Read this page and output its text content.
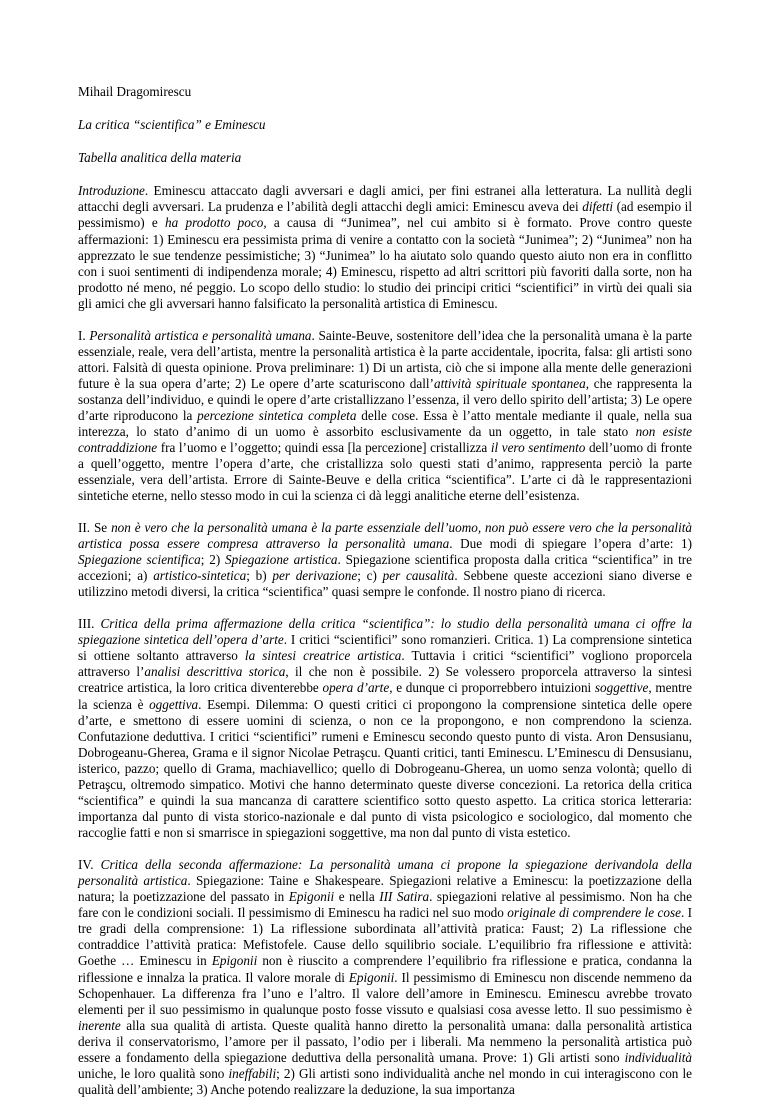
Mihail Dragomirescu

La critica “scientifica” e Eminescu

Tabella analitica della materia

Introduzione. Eminescu attaccato dagli avversari e dagli amici, per fini estranei alla letteratura. La nullità degli attacchi degli avversari. La prudenza e l’abilità degli attacchi degli amici: Eminescu aveva dei difetti (ad esempio il pessimismo) e ha prodotto poco, a causa di “Junimea”, nel cui ambito si è formato. Prove contro queste affermazioni: 1) Eminescu era pessimista prima di venire a contatto con la società “Junimea”; 2) “Junimea” non ha apprezzato le sue tendenze pessimistiche; 3) “Junimea” lo ha aiutato solo quando questo aiuto non era in conflitto con i suoi sentimenti di indipendenza morale; 4) Eminescu, rispetto ad altri scrittori più favoriti dalla sorte, non ha prodotto né meno, né peggio. Lo scopo dello studio: lo studio dei principi critici “scientifici” in virtù dei quali sia gli amici che gli avversari hanno falsificato la personalità artistica di Eminescu.

I. Personalità artistica e personalità umana. Sainte-Beuve, sostenitore dell’idea che la personalità umana è la parte essenziale, reale, vera dell’artista, mentre la personalità artistica è la parte accidentale, ipocrita, falsa: gli artisti sono attori. Falsità di questa opinione. Prova preliminare: 1) Di un artista, ciò che si impone alla mente delle generazioni future è la sua opera d’arte; 2) Le opere d’arte scaturiscono dall’attività spirituale spontanea, che rappresenta la sostanza dell’individuo, e quindi le opere d’arte cristallizzano l’essenza, il vero dello spirito dell’artista; 3) Le opere d’arte riproducono la percezione sintetica completa delle cose. Essa è l’atto mentale mediante il quale, nella sua interezza, lo stato d’animo di un uomo è assorbito esclusivamente da un oggetto, in tale stato non esiste contraddizione fra l’uomo e l’oggetto; quindi essa [la percezione] cristallizza il vero sentimento dell’uomo di fronte a quell’oggetto, mentre l’opera d’arte, che cristallizza solo questi stati d’animo, rappresenta perciò la parte essenziale, vera dell’artista. Errore di Sainte-Beuve e della critica “scientifica”. L’arte ci dà le rappresentazioni sintetiche eterne, nello stesso modo in cui la scienza ci dà leggi analitiche eterne dell’esistenza.

II. Se non è vero che la personalità umana è la parte essenziale dell’uomo, non può essere vero che la personalità artistica possa essere compresa attraverso la personalità umana. Due modi di spiegare l’opera d’arte: 1) Spiegazione scientifica; 2) Spiegazione artistica. Spiegazione scientifica proposta dalla critica “scientifica” in tre accezioni; a) artistico-sintetica; b) per derivazione; c) per causalità. Sebbene queste accezioni siano diverse e utilizzino metodi diversi, la critica “scientifica” quasi sempre le confonde. Il nostro piano di ricerca.

III. Critica della prima affermazione della critica “scientifica”: lo studio della personalità umana ci offre la spiegazione sintetica dell’opera d’arte. I critici “scientifici” sono romanzieri. Critica. 1) La comprensione sintetica si ottiene soltanto attraverso la sintesi creatrice artistica. Tuttavia i critici “scientifici” vogliono proporcela attraverso l’analisi descrittiva storica, il che non è possibile. 2) Se volessero proporcela attraverso la sintesi creatrice artistica, la loro critica diventerebbe opera d’arte, e dunque ci proporrebbero intuizioni soggettive, mentre la scienza è oggettiva. Esempi. Dilemma: O questi critici ci propongono la comprensione sintetica delle opere d’arte, e smettono di essere uomini di scienza, o non ce la propongono, e non comprendono la scienza. Confutazione deduttiva. I critici “scientifici” rumeni e Eminescu secondo questo punto di vista. Aron Densusianu, Dobrogeanu-Gherea, Grama e il signor Nicolae Petraşcu. Quanti critici, tanti Eminescu. L’Eminescu di Densusianu, isterico, pazzo; quello di Grama, machiavellico; quello di Dobrogeanu-Gherea, un uomo senza volontà; quello di Petraşcu, oltremodo simpatico. Motivi che hanno determinato queste diverse concezioni. La retorica della critica “scientifica” e quindi la sua mancanza di carattere scientifico sotto questo aspetto. La critica storica letteraria: importanza dal punto di vista storico-nazionale e dal punto di vista psicologico e sociologico, dal momento che raccoglie fatti e non si smarrisce in spiegazioni soggettive, ma non dal punto di vista estetico.

IV. Critica della seconda affermazione: La personalità umana ci propone la spiegazione derivandola della personalità artistica. Spiegazione: Taine e Shakespeare. Spiegazioni relative a Eminescu: la poetizzazione della natura; la poetizzazione del passato in Epigonii e nella III Satira. spiegazioni relative al pessimismo. Non ha che fare con le condizioni sociali. Il pessimismo di Eminescu ha radici nel suo modo originale di comprendere le cose. I tre gradi della comprensione: 1) La riflessione subordinata all’attività pratica: Faust; 2) La riflessione che contraddice l’attività pratica: Mefistofele. Cause dello squilibrio sociale. L’equilibrio fra riflessione e attività: Goethe … Eminescu in Epigonii non è riuscito a comprendere l’equilibrio fra riflessione e pratica, condanna la riflessione e innalza la pratica. Il valore morale di Epigonii. Il pessimismo di Eminescu non discende nemmeno da Schopenhauer. La differenza fra l’uno e l’altro. Il valore dell’amore in Eminescu. Eminescu avrebbe trovato elementi per il suo pessimismo in qualunque posto fosse vissuto e qualsiasi cosa avesse letto. Il suo pessimismo è inerente alla sua qualità di artista. Queste qualità hanno diretto la personalità umana: dalla personalità artistica deriva il conservatorismo, l’amore per il passato, l’odio per i liberali. Ma nemmeno la personalità artistica può essere a fondamento della spiegazione deduttiva della personalità umana. Prove: 1) Gli artisti sono individualità uniche, le loro qualità sono ineffabili; 2) Gli artisti sono individualità anche nel mondo in cui interagiscono con le qualità dell’ambiente; 3) Anche potendo realizzare la deduzione, la sua importanza
